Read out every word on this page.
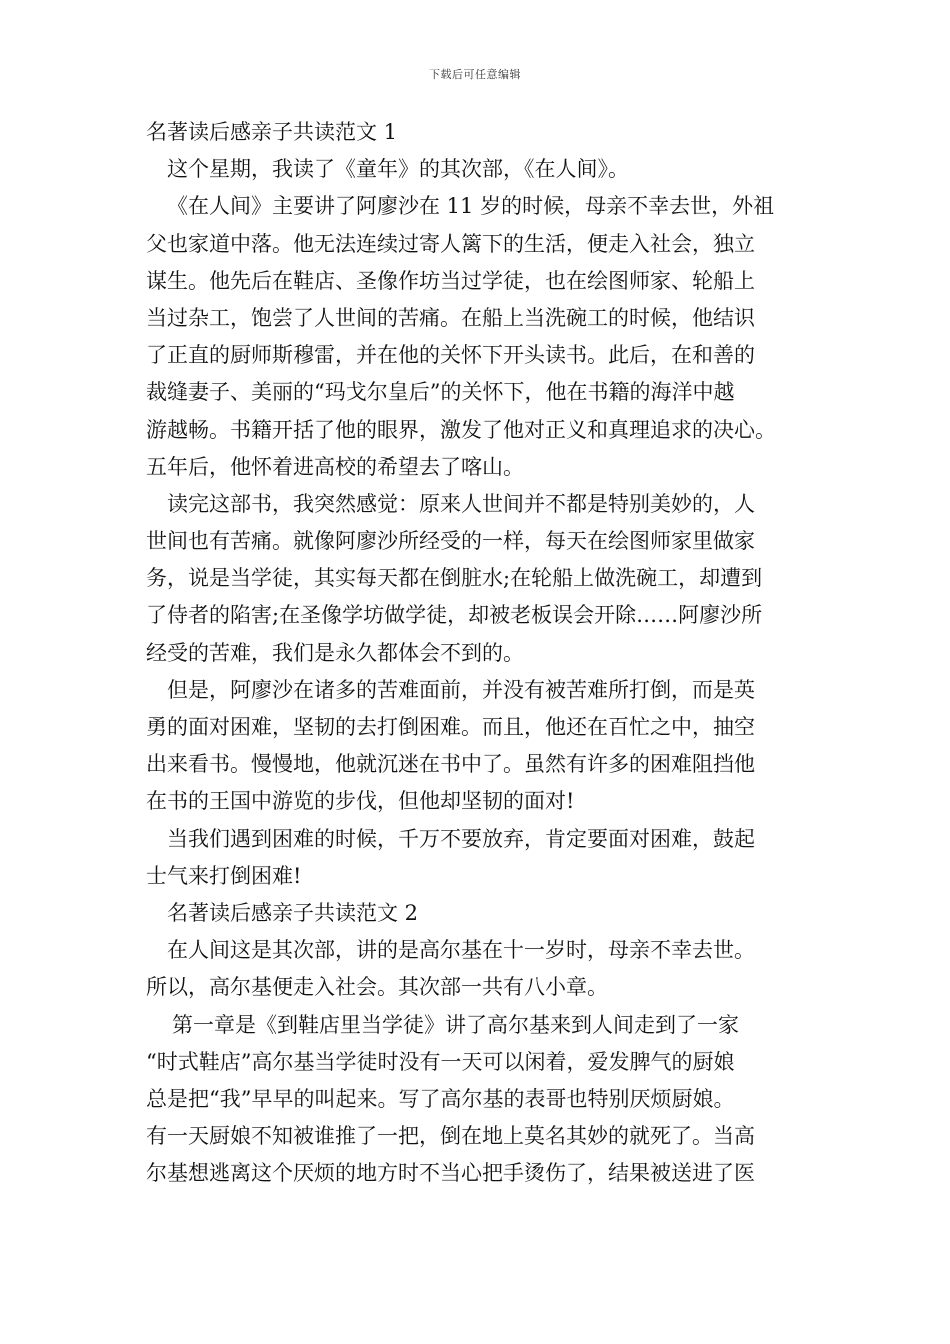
下载后可任意编辑
名著读后感亲子共读范文 1
这个星期，我读了《童年》的其次部，《在人间》。
《在人间》主要讲了阿廖沙在 11 岁的时候，母亲不幸去世，外祖
父也家道中落。他无法连续过寄人篱下的生活，便走入社会，独立
谋生。他先后在鞋店、圣像作坊当过学徒，也在绘图师家、轮船上
当过杂工，饱尝了人世间的苦痛。在船上当洗碗工的时候，他结识
了正直的厨师斯穆雷，并在他的关怀下开头读书。此后，在和善的
裁缝妻子、美丽的“玛戈尔皇后”的关怀下，他在书籍的海洋中越
游越畅。书籍开括了他的眼界，激发了他对正义和真理追求的决心。
五年后，他怀着进高校的希望去了喀山。
读完这部书，我突然感觉：原来人世间并不都是特别美妙的，人
世间也有苦痛。就像阿廖沙所经受的一样，每天在绘图师家里做家
务，说是当学徒，其实每天都在倒脏水;在轮船上做洗碗工，却遭到
了侍者的陷害;在圣像学坊做学徒，却被老板误会开除……阿廖沙所
经受的苦难，我们是永久都体会不到的。
但是，阿廖沙在诸多的苦难面前，并没有被苦难所打倒，而是英
勇的面对困难，坚韧的去打倒困难。而且，他还在百忙之中，抽空
出来看书。慢慢地，他就沉迷在书中了。虽然有许多的困难阻挡他
在书的王国中游览的步伐，但他却坚韧的面对!
当我们遇到困难的时候，千万不要放弃，肯定要面对困难，鼓起
士气来打倒困难!
名著读后感亲子共读范文 2
在人间这是其次部，讲的是高尔基在十一岁时，母亲不幸去世。
所以，高尔基便走入社会。其次部一共有八小章。
第一章是《到鞋店里当学徒》讲了高尔基来到人间走到了一家
“时式鞋店”高尔基当学徒时没有一天可以闲着，爱发脾气的厨娘
总是把“我”早早的叫起来。写了高尔基的表哥也特别厌烦厨娘。
有一天厨娘不知被谁推了一把，倒在地上莫名其妙的就死了。当高
尔基想逃离这个厌烦的地方时不当心把手烫伤了，结果被送进了医
